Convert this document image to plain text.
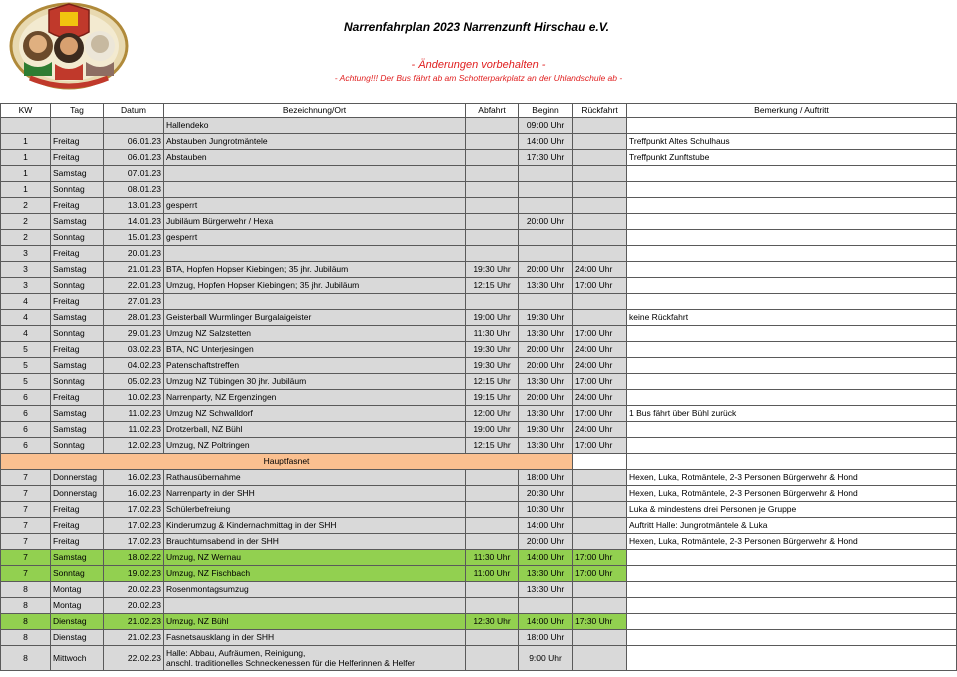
Narrenfahrplan 2023 Narrenzunft Hirschau e.V.
- Änderungen vorbehalten -
- Achtung!!! Der Bus fährt ab am Schotterparkplatz an der Uhlandschule ab -
KW	Tag	Datum	Bezeichnung/Ort	Abfahrt	Beginn	Rückfahrt	Bemerkung / Auftritt
			Hallendeko		09:00 Uhr		
1	Freitag	06.01.23	Abstauben Jungrotmäntele		14:00 Uhr		Treffpunkt Altes Schulhaus
1	Freitag	06.01.23	Abstauben		17:30 Uhr		Treffpunkt Zunftstube
1	Samstag	07.01.23					
1	Sonntag	08.01.23					
2	Freitag	13.01.23	gesperrt				
2	Samstag	14.01.23	Jubiläum Bürgerwehr / Hexa		20:00 Uhr		
2	Sonntag	15.01.23	gesperrt				
3	Freitag	20.01.23					
3	Samstag	21.01.23	BTA, Hopfen Hopser Kiebingen; 35 jhr. Jubiläum	19:30 Uhr	20:00 Uhr	24:00 Uhr	
3	Sonntag	22.01.23	Umzug, Hopfen Hopser Kiebingen; 35 jhr. Jubiläum	12:15 Uhr	13:30 Uhr	17:00 Uhr	
4	Freitag	27.01.23					
4	Samstag	28.01.23	Geisterball Wurmlinger Burgalaigeister	19:00 Uhr	19:30 Uhr		keine Rückfahrt
4	Sonntag	29.01.23	Umzug NZ Salzstetten	11:30 Uhr	13:30 Uhr	17:00 Uhr	
5	Freitag	03.02.23	BTA, NC Unterjesingen	19:30 Uhr	20:00 Uhr	24:00 Uhr	
5	Samstag	04.02.23	Patenschaftstreffen	19:30 Uhr	20:00 Uhr	24:00 Uhr	
5	Sonntag	05.02.23	Umzug NZ Tübingen 30 jhr. Jubiläum	12:15 Uhr	13:30 Uhr	17:00 Uhr	
6	Freitag	10.02.23	Narrenparty, NZ Ergenzingen	19:15 Uhr	20:00 Uhr	24:00 Uhr	
6	Samstag	11.02.23	Umzug NZ Schwalldorf	12:00 Uhr	13:30 Uhr	17:00 Uhr	1 Bus fährt über Bühl zurück
6	Samstag	11.02.23	Drotzerball, NZ Bühl	19:00 Uhr	19:30 Uhr	24:00 Uhr	
6	Sonntag	12.02.23	Umzug, NZ Poltringen	12:15 Uhr	13:30 Uhr	17:00 Uhr	
Hauptfasnet							
7	Donnerstag	16.02.23	Rathausübernahme		18:00 Uhr		Hexen, Luka, Rotmäntele, 2-3 Personen Bürgerwehr & Hond
7	Donnerstag	16.02.23	Narrenparty in der SHH		20:30 Uhr		Hexen, Luka, Rotmäntele, 2-3 Personen Bürgerwehr & Hond
7	Freitag	17.02.23	Schülerbefreiung		10:30 Uhr		Luka & mindestens drei Personen je Gruppe
7	Freitag	17.02.23	Kinderumzug & Kindernachmittag in der SHH		14:00 Uhr		Auftritt Halle: Jungrotmäntele & Luka
7	Freitag	17.02.23	Brauchtumsabend in der SHH		20:00 Uhr		Hexen, Luka, Rotmäntele, 2-3 Personen Bürgerwehr & Hond
7	Samstag	18.02.22	Umzug, NZ Wernau	11:30 Uhr	14:00 Uhr	17:00 Uhr	
7	Sonntag	19.02.23	Umzug, NZ Fischbach	11:00 Uhr	13:30 Uhr	17:00 Uhr	
8	Montag	20.02.23	Rosenmontagsumzug		13:30 Uhr		
8	Montag	20.02.23					
8	Dienstag	21.02.23	Umzug, NZ Bühl	12:30 Uhr	14:00 Uhr	17:30 Uhr	
8	Dienstag	21.02.23	Fasnetsausklang in der SHH		18:00 Uhr		
8	Mittwoch	22.02.23	Halle: Abbau, Aufräumen, Reinigung,
anschl. traditionelles Schneckenessen für die Helferinnen & Helfer		9:00 Uhr		
